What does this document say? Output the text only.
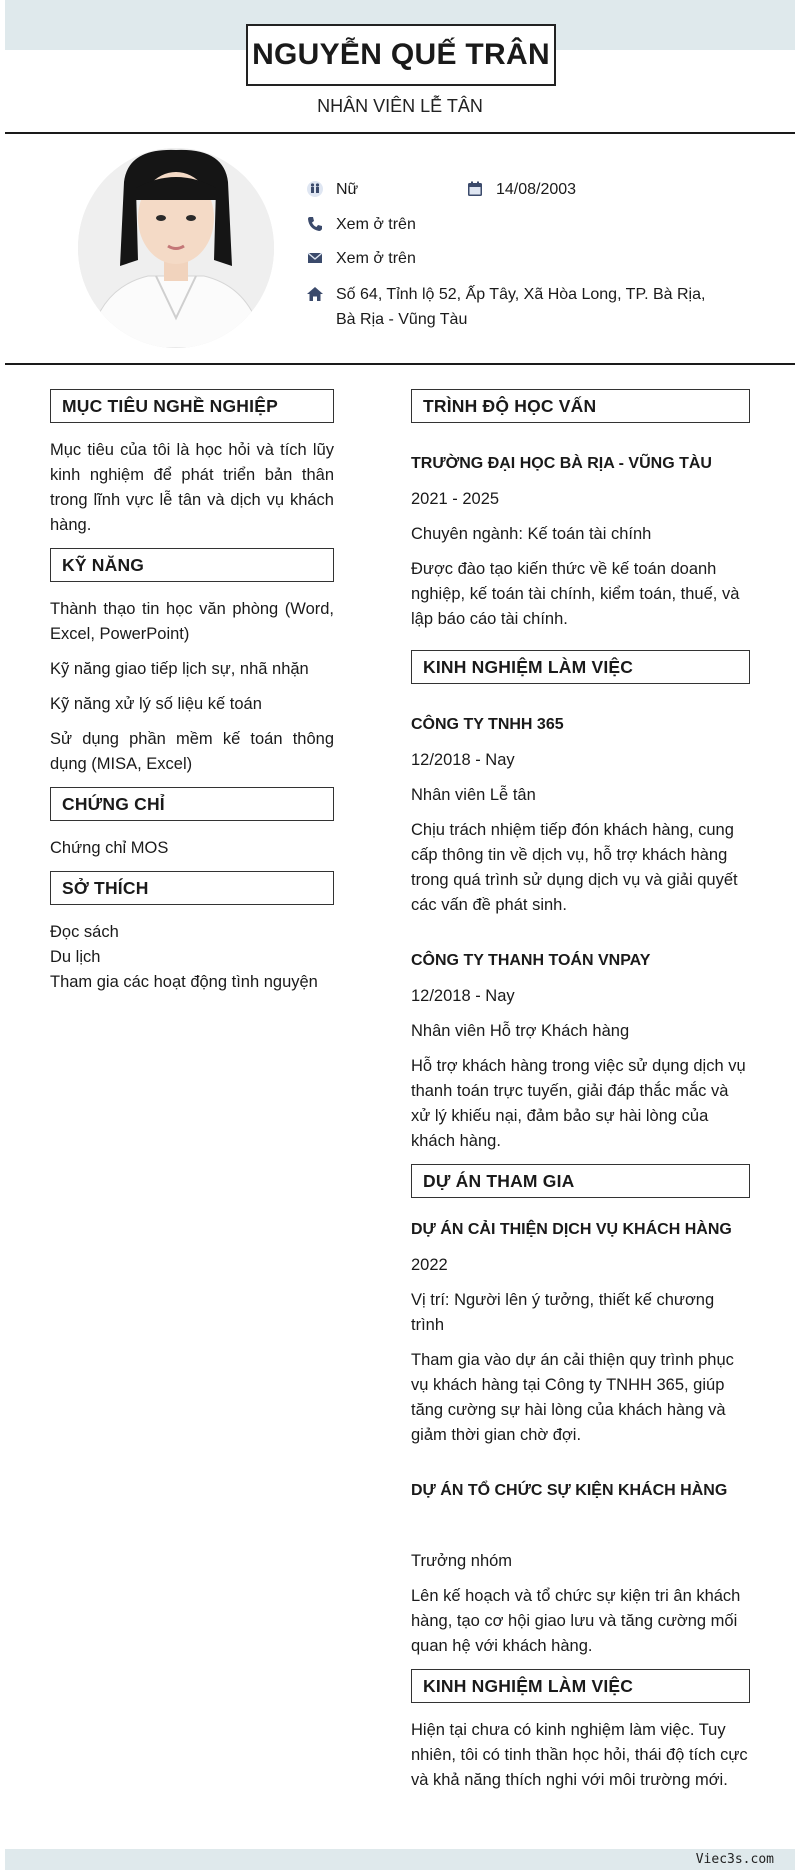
NGUYỄN QUẾ TRÂN
NHÂN VIÊN LỄ TÂN
Nữ	14/08/2003
Xem ở trên
Xem ở trên
Số 64, Tỉnh lộ 52, Ấp Tây, Xã Hòa Long, TP. Bà Rịa, Bà Rịa - Vũng Tàu
MỤC TIÊU NGHỀ NGHIỆP
Mục tiêu của tôi là học hỏi và tích lũy kinh nghiệm để phát triển bản thân trong lĩnh vực lễ tân và dịch vụ khách hàng.
KỸ NĂNG
Thành thạo tin học văn phòng (Word, Excel, PowerPoint)
Kỹ năng giao tiếp lịch sự, nhã nhặn
Kỹ năng xử lý số liệu kế toán
Sử dụng phần mềm kế toán thông dụng (MISA, Excel)
CHỨNG CHỈ
Chứng chỉ MOS
SỞ THÍCH
Đọc sách
Du lịch
Tham gia các hoạt động tình nguyện
TRÌNH ĐỘ HỌC VẤN
TRƯỜNG ĐẠI HỌC BÀ RỊA - VŨNG TÀU
2021 - 2025
Chuyên ngành: Kế toán tài chính
Được đào tạo kiến thức về kế toán doanh nghiệp, kế toán tài chính, kiểm toán, thuế, và lập báo cáo tài chính.
KINH NGHIỆM LÀM VIỆC
CÔNG TY TNHH 365
12/2018 - Nay
Nhân viên Lễ tân
Chịu trách nhiệm tiếp đón khách hàng, cung cấp thông tin về dịch vụ, hỗ trợ khách hàng trong quá trình sử dụng dịch vụ và giải quyết các vấn đề phát sinh.
CÔNG TY THANH TOÁN VNPAY
12/2018 - Nay
Nhân viên Hỗ trợ Khách hàng
Hỗ trợ khách hàng trong việc sử dụng dịch vụ thanh toán trực tuyến, giải đáp thắc mắc và xử lý khiếu nại, đảm bảo sự hài lòng của khách hàng.
DỰ ÁN THAM GIA
DỰ ÁN CẢI THIỆN DỊCH VỤ KHÁCH HÀNG
2022
Vị trí: Người lên ý tưởng, thiết kế chương trình
Tham gia vào dự án cải thiện quy trình phục vụ khách hàng tại Công ty TNHH 365, giúp tăng cường sự hài lòng của khách hàng và giảm thời gian chờ đợi.
DỰ ÁN TỔ CHỨC SỰ KIỆN KHÁCH HÀNG
Trưởng nhóm
Lên kế hoạch và tổ chức sự kiện tri ân khách hàng, tạo cơ hội giao lưu và tăng cường mối quan hệ với khách hàng.
KINH NGHIỆM LÀM VIỆC
Hiện tại chưa có kinh nghiệm làm việc. Tuy nhiên, tôi có tinh thần học hỏi, thái độ tích cực và khả năng thích nghi với môi trường mới.
Viec3s.com
